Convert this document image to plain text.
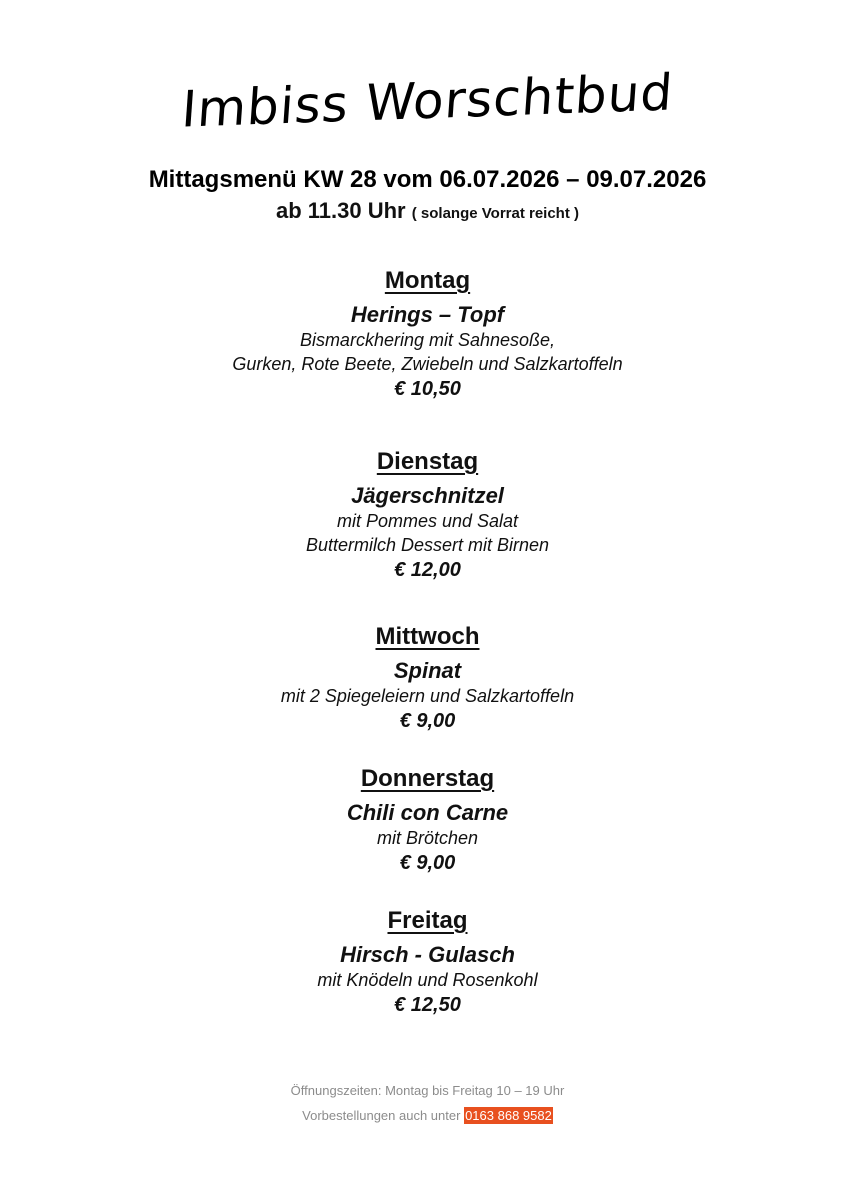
Imbiss Worschtbud
Mittagsmenü KW 28 vom 06.07.2026 – 09.07.2026
ab 11.30 Uhr ( solange Vorrat reicht )
Montag
Herings – Topf
Bismarckhering mit Sahnesoße,
Gurken, Rote Beete, Zwiebeln und Salzkartoffeln
€ 10,50
Dienstag
Jägerschnitzel
mit Pommes und Salat
Buttermilch Dessert mit Birnen
€ 12,00
Mittwoch
Spinat
mit 2 Spiegeleiern und Salzkartoffeln
€ 9,00
Donnerstag
Chili con Carne
mit Brötchen
€ 9,00
Freitag
Hirsch - Gulasch
mit Knödeln und Rosenkohl
€ 12,50
Öffnungszeiten: Montag bis Freitag 10 – 19 Uhr
Vorbestellungen auch unter 0163 868 9582
